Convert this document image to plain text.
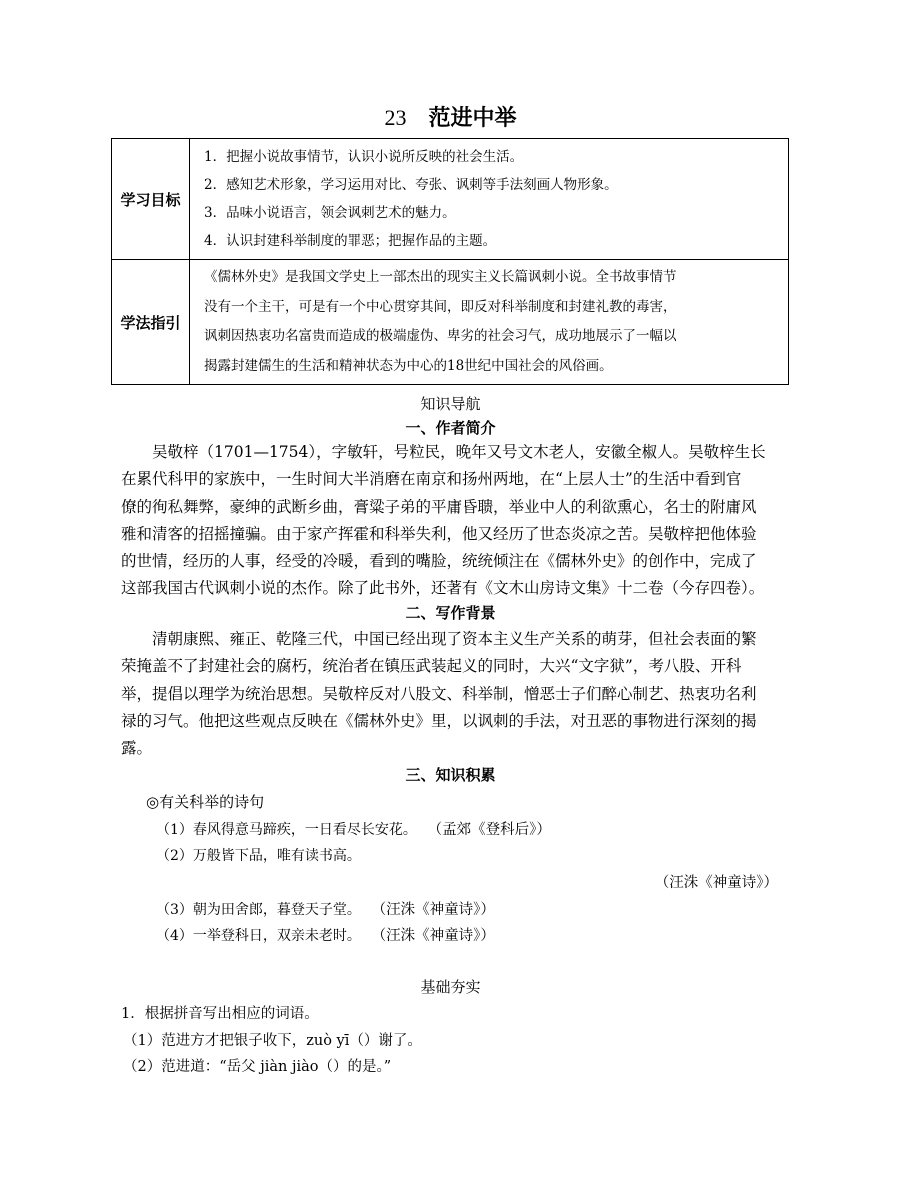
23 范进中举
学习目标	1．把握小说故事情节，认识小说所反映的社会生活。
2．感知艺术形象，学习运用对比、夸张、讽刺等手法刻画人物形象。
3．品味小说语言，领会讽刺艺术的魅力。
4．认识封建科举制度的罪恶；把握作品的主题。

学法指引	《儒林外史》是我国文学史上一部杰出的现实主义长篇讽刺小说。全书故事情节
没有一个主干，可是有一个中心贯穿其间，即反对科举制度和封建礼教的毒害，
讽刺因热衷功名富贵而造成的极端虚伪、卑劣的社会习气，成功地展示了一幅以
揭露封建儒生的生活和精神状态为中心的18世纪中国社会的风俗画。
知识导航
一、作者简介
吴敬梓（1701—1754），字敏轩，号粒民，晚年又号文木老人，安徽全椒人。吴敬梓生长
在累代科甲的家族中，一生时间大半消磨在南京和扬州两地，在“上层人士”的生活中看到官
僚的徇私舞弊，豪绅的武断乡曲，膏粱子弟的平庸昏聩，举业中人的利欲熏心，名士的附庸风
雅和清客的招摇撞骗。由于家产挥霍和科举失利，他又经历了世态炎凉之苦。吴敬梓把他体验
的世情，经历的人事，经受的冷暖，看到的嘴脸，统统倾注在《儒林外史》的创作中，完成了
这部我国古代讽刺小说的杰作。除了此书外，还著有《文木山房诗文集》十二卷（今存四卷）。
二、写作背景
清朝康熙、雍正、乾隆三代，中国已经出现了资本主义生产关系的萌芽，但社会表面的繁
荣掩盖不了封建社会的腐朽，统治者在镇压武装起义的同时，大兴“文字狱”，考八股、开科
举，提倡以理学为统治思想。吴敬梓反对八股文、科举制，憎恶士子们醉心制艺、热衷功名利
禄的习气。他把这些观点反映在《儒林外史》里，以讽刺的手法，对丑恶的事物进行深刻的揭
露。
三、知识积累
◎有关科举的诗句
（1）春风得意马蹄疾，一日看尽长安花。 （孟郊《登科后》）
（2）万般皆下品，唯有读书高。
（汪洙《神童诗》）
（3）朝为田舍郎，暮登天子堂。 （汪洙《神童诗》）
（4）一举登科日，双亲未老时。 （汪洙《神童诗》）
基础夯实
1．根据拼音写出相应的词语。
（1）范进方才把银子收下，zuò yī（）谢了。
（2）范进道：“岳父 jiàn jiào（）的是。”
